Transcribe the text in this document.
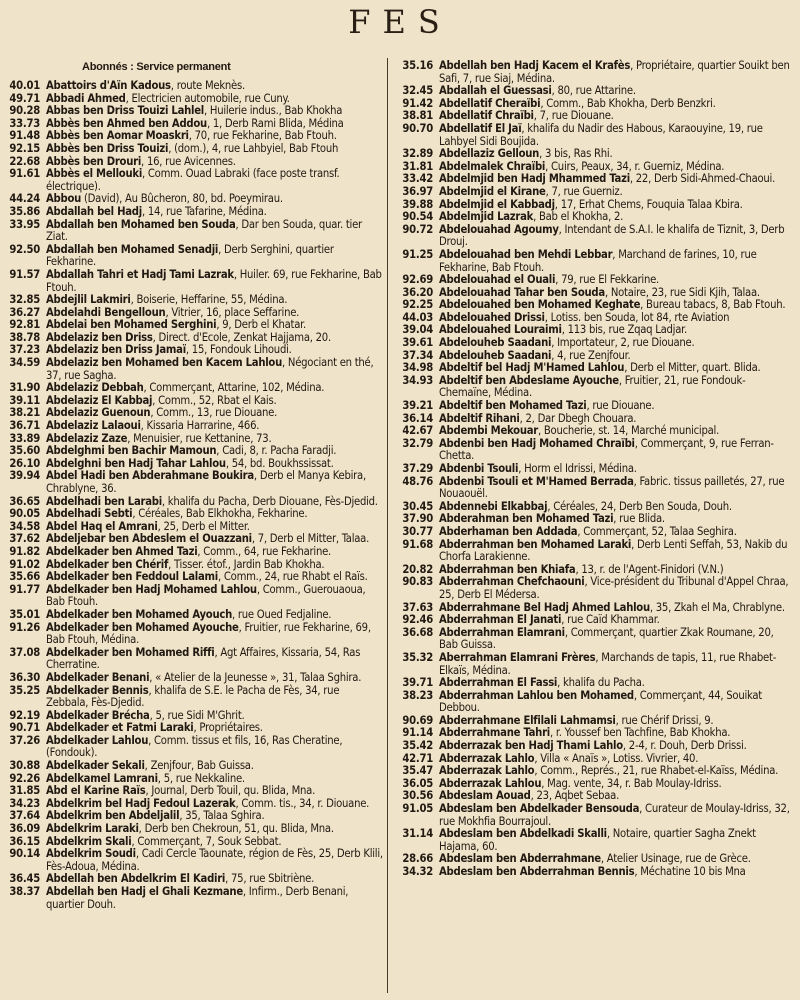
FES
Abonnés : Service permanent
40.01 Abattoirs d'Aïn Kadous, route Meknès.
49.71 Abbadi Ahmed, Electricien automobile, rue Cuny.
90.28 Abbas ben Driss Touizi Lahlel, Huilerie indus., Bab Khokha
33.73 Abbès ben Ahmed ben Addou, 1, Derb Rami Blida, Médina
91.48 Abbès ben Aomar Moaskri, 70, rue Fekharine, Bab Ftouh.
92.15 Abbès ben Driss Touizi, (dom.), 4, rue Lahbyiel, Bab Ftouh
22.68 Abbès ben Drouri, 16, rue Avicennes.
91.61 Abbès el Mellouki, Comm. Ouad Labraki (face poste transf. électrique).
44.24 Abbou (David), Au Bûcheron, 80, bd. Poeymirau.
35.86 Abdallah bel Hadj, 14, rue Tafarine, Médina.
33.95 Abdallah ben Mohamed ben Souda, Dar ben Souda, quar. tier Ziat.
92.50 Abdallah ben Mohamed Senadji, Derb Serghini, quartier Fekharine.
91.57 Abdallah Tahri et Hadj Tami Lazrak, Huiler. 69, rue Fekharine, Bab Ftouh.
32.85 Abdejlil Lakmiri, Boiserie, Heffarine, 55, Médina.
36.27 Abdelahdi Bengelloun, Vitrier, 16, place Seffarine.
92.81 Abdelai ben Mohamed Serghini, 9, Derb el Khatar.
38.78 Abdelaziz ben Driss, Direct. d'Ecole, Zenkat Hajjama, 20.
37.23 Abdelaziz ben Driss Jamaï, 15, Fondouk Lihoudi.
34.59 Abdelaziz ben Mohamed ben Kacem Lahlou, Négociant en thé, 37, rue Sagha.
31.90 Abdelaziz Debbah, Commerçant, Attarine, 102, Médina.
39.11 Abdelaziz El Kabbaj, Comm., 52, Rbat el Kais.
38.21 Abdelaziz Guenoun, Comm., 13, rue Diouane.
36.71 Abdelaziz Lalaoui, Kissaria Harrarine, 466.
33.89 Abdelaziz Zaze, Menuisier, rue Kettanine, 73.
35.60 Abdelghmi ben Bachir Mamoun, Cadi, 8, r. Pacha Faradji.
26.10 Abdelghni ben Hadj Tahar Lahlou, 54, bd. Boukhssissat.
39.94 Abdel Hadi ben Abderahmane Boukira, Derb el Manya Kebira, Chrablyne, 36.
36.65 Abdelhadi ben Larabi, khalifa du Pacha, Derb Diouane, Fès-Djedid.
90.05 Abdelhadi Sebti, Céréales, Bab Elkhokha, Fekharine.
34.58 Abdel Haq el Amrani, 25, Derb el Mitter.
37.62 Abdeljebar ben Abdeslem el Ouazzani, 7, Derb el Mitter, Talaa.
91.82 Abdelkader ben Ahmed Tazi, Comm., 64, rue Fekharine.
91.02 Abdelkader ben Chérif, Tisser. étof., Jardin Bab Khokha.
35.66 Abdelkader ben Feddoul Lalami, Comm., 24, rue Rhabt el Raïs.
91.77 Abdelkader ben Hadj Mohamed Lahlou, Comm., Guerouaoua, Bab Ftouh.
35.01 Abdelkader ben Mohamed Ayouch, rue Oued Fedjaline.
91.26 Abdelkader ben Mohamed Ayouche, Fruitier, rue Fekharine, 69, Bab Ftouh, Médina.
37.08 Abdelkader ben Mohamed Riffi, Agt Affaires, Kissaria, 54, Ras Cherratine.
36.30 Abdelkader Benani, « Atelier de la Jeunesse », 31, Talaa Sghira.
35.25 Abdelkader Bennis, khalifa de S.E. le Pacha de Fès, 34, rue Zebbala, Fès-Djedid.
92.19 Abdelkader Brécha, 5, rue Sidi M'Ghrit.
90.71 Abdelkader et Fatmi Laraki, Propriétaires.
37.26 Abdelkader Lahlou, Comm. tissus et fils, 16, Ras Cheratine, (Fondouk).
30.88 Abdelkader Sekali, Zenjfour, Bab Guissa.
92.26 Abdelkamel Lamrani, 5, rue Nekkaline.
31.85 Abd el Karine Raïs, Journal, Derb Touil, qu. Blida, Mna.
34.23 Abdelkrim bel Hadj Fedoul Lazerak, Comm. tis., 34, r. Diouane.
37.64 Abdelkrim ben Abdeljalil, 35, Talaa Sghira.
36.09 Abdelkrim Laraki, Derb ben Chekroun, 51, qu. Blida, Mna.
36.15 Abdelkrim Skali, Commerçant, 7, Souk Sebbat.
90.14 Abdelkrim Soudi, Cadi Cercle Taounate, région de Fès, 25, Derb Klili, Fès-Adoua, Médina.
36.45 Abdellah ben Abdelkrim El Kadiri, 75, rue Sbitriène.
38.37 Abdellah ben Hadj el Ghali Kezmane, Infirm., Derb Benani, quartier Douh.
35.16 Abdellah ben Hadj Kacem el Krafès, Propriétaire, quartier Souikt ben Safi, 7, rue Siaj, Médina.
32.45 Abdallah el Guessasi, 80, rue Attarine.
91.42 Abdellatif Cheraïbi, Comm., Bab Khokha, Derb Benzkri.
38.81 Abdellatif Chraïbi, 7, rue Diouane.
90.70 Abdellatif El Jaï, khalifa du Nadir des Habous, Karaouyine, 19, rue Lahbyel Sidi Boujida.
32.89 Abdellaziz Gelloun, 3 bis, Ras Rhi.
31.81 Abdelmalek Chraïbi, Cuirs, Peaux, 34, r. Guerniz, Médina.
33.42 Abdelmjid ben Hadj Mhammed Tazi, 22, Derb Sidi-Ahmed-Chaoui.
36.97 Abdelmjid el Kirane, 7, rue Guerniz.
39.88 Abdelmjid el Kabbadj, 17, Erhat Chems, Fouquia Talaa Kbira.
90.54 Abdelmjid Lazrak, Bab el Khokha, 2.
90.72 Abdelouahad Agoumy, Intendant de S.A.I. le khalifa de Tiznit, 3, Derb Drouj.
91.25 Abdelouahad ben Mehdi Lebbar, Marchand de farines, 10, rue Fekharine, Bab Ftouh.
92.69 Abdelouahad el Ouali, 79, rue El Fekkarine.
36.20 Abdelouahad Tahar ben Souda, Notaire, 23, rue Sidi Kjih, Talaa.
92.25 Abdelouahed ben Mohamed Keghate, Bureau tabacs, 8, Bab Ftouh.
44.03 Abdelouahed Drissi, Lotiss. ben Souda, lot 84, rte Aviation
39.04 Abdelouahed Louraimi, 113 bis, rue Zqaq Ladjar.
39.61 Abdelouheb Saadani, Importateur, 2, rue Diouane.
37.34 Abdelouheb Saadani, 4, rue Zenjfour.
34.98 Abdeltif bel Hadj M'Hamed Lahlou, Derb el Mitter, quart. Blida.
34.93 Abdeltif ben Abdeslame Ayouche, Fruitier, 21, rue Fondouk-Chemaïne, Médina.
39.21 Abdeltif ben Mohamed Tazi, rue Diouane.
36.14 Abdeltif Rihani, 2, Dar Dbegh Chouara.
42.67 Abdembi Mekouar, Boucherie, st. 14, Marché municipal.
32.79 Abdenbi ben Hadj Mohamed Chraïbi, Commerçant, 9, rue Ferran-Chetta.
37.29 Abdenbi Tsouli, Horm el Idrissi, Médina.
48.76 Abdenbi Tsouli et M'Hamed Berrada, Fabric. tissus pailletés, 27, rue Nouaouël.
30.45 Abdennebi Elkabbaj, Céréales, 24, Derb Ben Souda, Douh.
37.90 Abderahman ben Mohamed Tazi, rue Blida.
30.77 Abderhaman ben Addada, Commerçant, 52, Talaa Seghira.
91.68 Abderrahman ben Mohamed Laraki, Derb Lenti Seffah, 53, Nakib du Chorfa Larakienne.
20.82 Abderrahman ben Khiafa, 13, r. de l'Agent-Finidori (V.N.)
90.83 Abderrahman Chefchaouni, Vice-président du Tribunal d'Appel Chraa, 25, Derb El Médersa.
37.63 Abderrahmane Bel Hadj Ahmed Lahlou, 35, Zkah el Ma, Chrablyne.
92.46 Abderrahman El Janati, rue Caïd Khammar.
36.68 Abderrahman Elamrani, Commerçant, quartier Zkak Roumane, 20, Bab Guissa.
35.32 Aberrahman Elamrani Frères, Marchands de tapis, 11, rue Rhabet-Elkaïs, Médina.
39.71 Abderrahman El Fassi, khalifa du Pacha.
38.23 Abderrahman Lahlou ben Mohamed, Commerçant, 44, Souikat Debbou.
90.69 Abderrahmane Elfilali Lahmamsi, rue Chérif Drissi, 9.
91.14 Abderrahmane Tahri, r. Youssef ben Tachfine, Bab Khokha.
35.42 Abderrazak ben Hadj Thami Lahlo, 2-4, r. Douh, Derb Drissi.
42.71 Abderrazak Lahlo, Villa « Anaïs », Lotiss. Vivrier, 40.
35.47 Abderrazak Lahlo, Comm., Représ., 21, rue Rhabet-el-Kaïss, Médina.
36.05 Abderrazak Lahlou, Mag. vente, 34, r. Bab Moulay-Idriss.
30.56 Abdeslam Aouad, 23, Aqbet Sebaa.
91.05 Abdeslam ben Abdelkader Bensouda, Curateur de Moulay-Idriss, 32, rue Mokhfia Bourrajoul.
31.14 Abdeslam ben Abdelkadi Skalli, Notaire, quartier Sagha Znekt Hajama, 60.
28.66 Abdeslam ben Abderrahmane, Atelier Usinage, rue de Grèce.
34.32 Abdeslam ben Abderrahman Bennis, Méchatine 10 bis Mna
